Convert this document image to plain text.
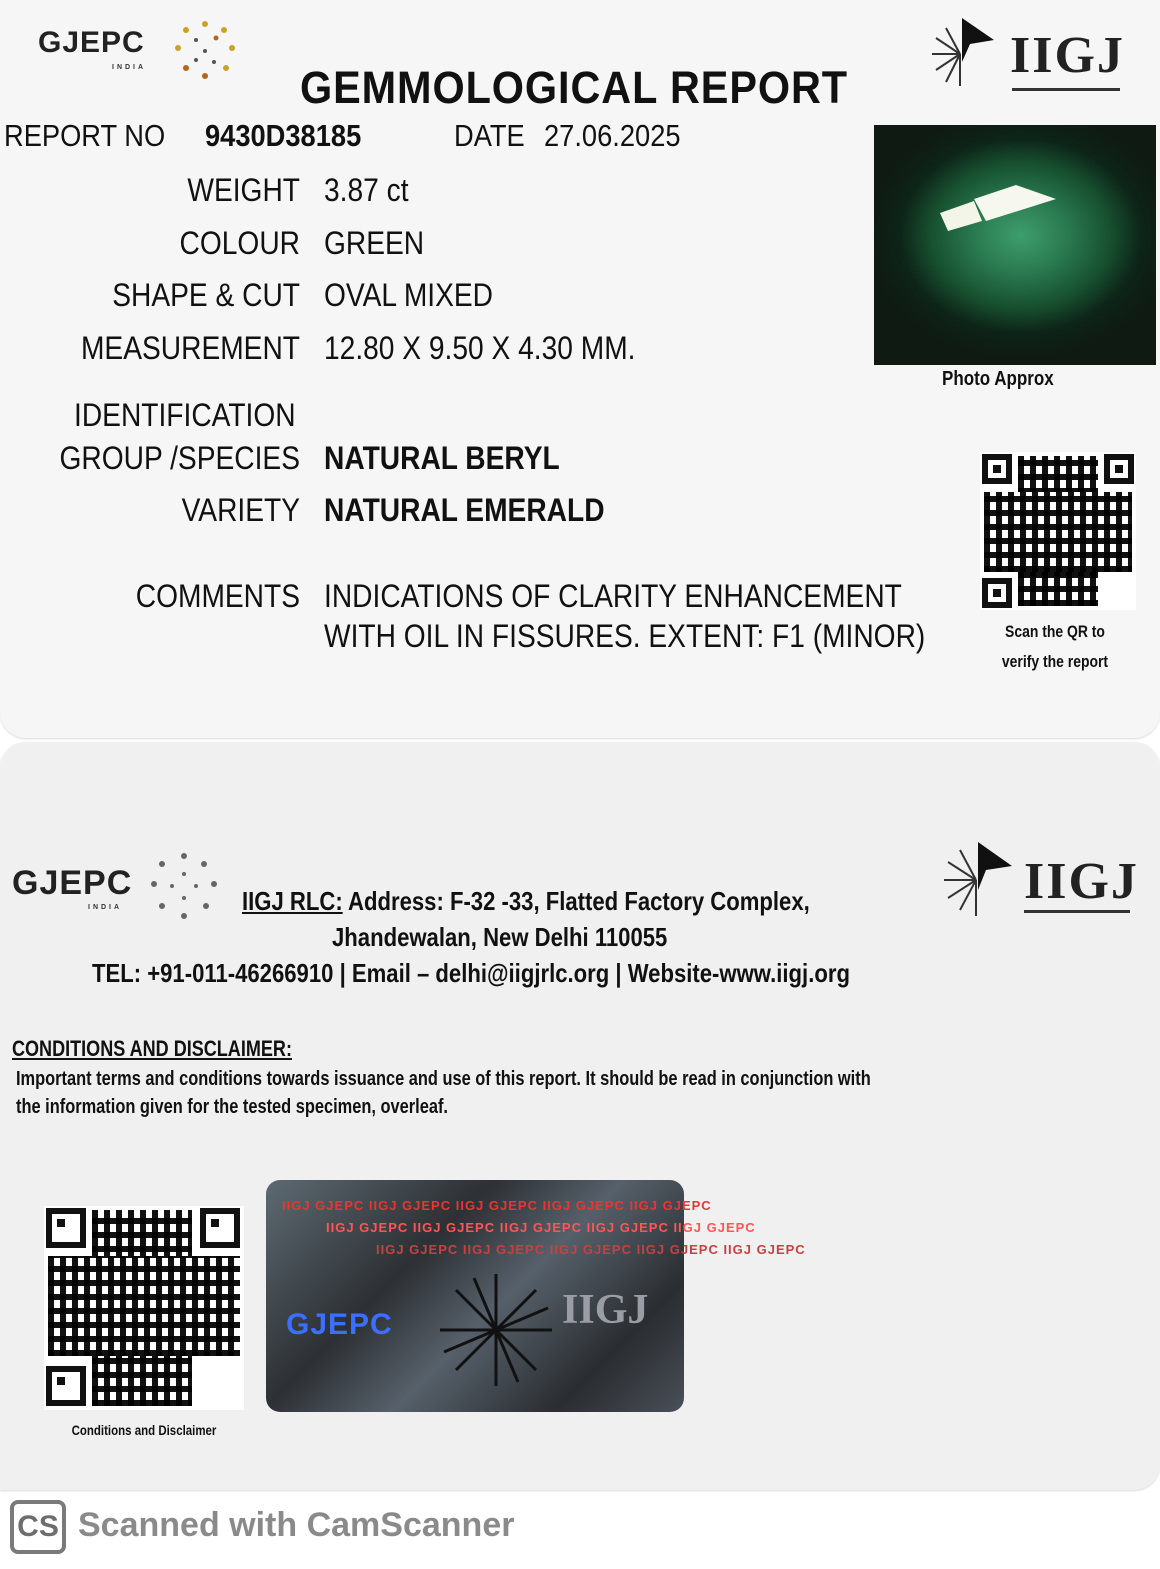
GJEPC
INDIA	IIGJ
GEMMOLOGICAL REPORT
REPORT NO 9430D38185	DATE 27.06.2025
WEIGHT 3.87 ct
COLOUR GREEN
SHAPE & CUT OVAL MIXED
MEASUREMENT 12.80 X 9.50 X 4.30 MM.
IDENTIFICATION
GROUP /SPECIES NATURAL BERYL
VARIETY NATURAL EMERALD
COMMENTS INDICATIONS OF CLARITY ENHANCEMENT
WITH OIL IN FISSURES. EXTENT: F1 (MINOR)
Photo Approx
Scan the QR to
verify the report
GJEPC
INDIA	IIGJ
IIGJ RLC: Address: F-32 -33, Flatted Factory Complex,
Jhandewalan, New Delhi 110055
TEL: +91-011-46266910 | Email – delhi@iigjrlc.org | Website-www.iigj.org
CONDITIONS AND DISCLAIMER:
Important terms and conditions towards issuance and use of this report. It should be read in conjunction with
the information given for the tested specimen, overleaf.
Conditions and Disclaimer
IIGJ GJEPC IIGJ GJEPC IIGJ GJEPC IIGJ GJEPC IIGJ GJEPC
IIGJ GJEPC IIGJ GJEPC IIGJ GJEPC IIGJ GJEPC IIGJ GJEPC
IIGJ GJEPC IIGJ GJEPC IIGJ GJEPC IIGJ GJEPC IIGJ GJEPC
GJEPC	IIGJ
CS Scanned with CamScanner
